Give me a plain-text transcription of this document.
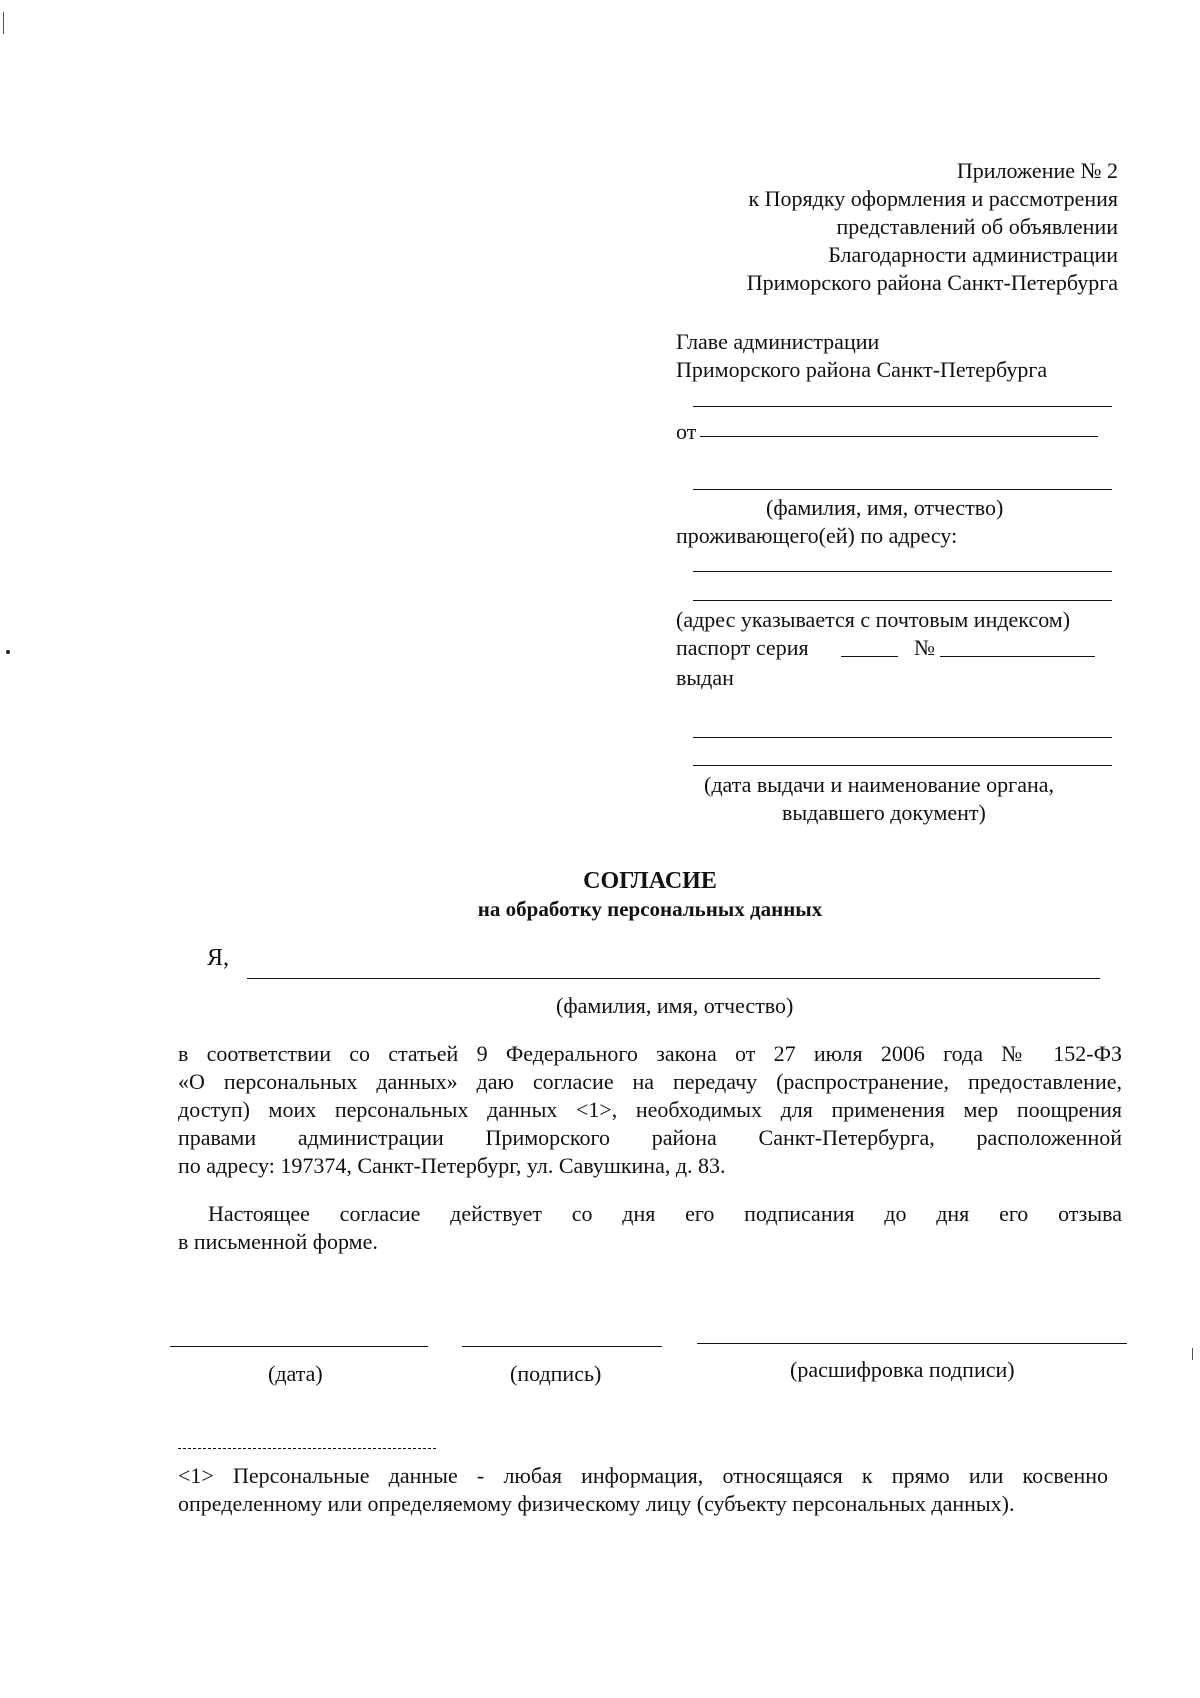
Приложение № 2
к Порядку оформления и рассмотрения
представлений об объявлении
Благодарности администрации
Приморского района Санкт-Петербурга
Главе администрации
Приморского района Санкт-Петербурга
от
(фамилия, имя, отчество)
проживающего(ей) по адресу:
(адрес указывается с почтовым индексом)
паспорт серия	№
выдан
(дата выдачи и наименование органа,
выдавшего документ)
СОГЛАСИЕ
на обработку персональных данных
Я,
(фамилия, имя, отчество)
в соответствии со статьей 9 Федерального закона от 27 июля 2006 года № 152-ФЗ
«О персональных данных» даю согласие на передачу (распространение, предоставление,
доступ) моих персональных данных <1>, необходимых для применения мер поощрения
правами администрации Приморского района Санкт-Петербурга, расположенной
по адресу: 197374, Санкт-Петербург, ул. Савушкина, д. 83.
Настоящее согласие действует со дня его подписания до дня его отзыва
в письменной форме.
(дата)	(подпись)	(расшифровка подписи)
<1> Персональные данные - любая информация, относящаяся к прямо или косвенно
определенному или определяемому физическому лицу (субъекту персональных данных).
